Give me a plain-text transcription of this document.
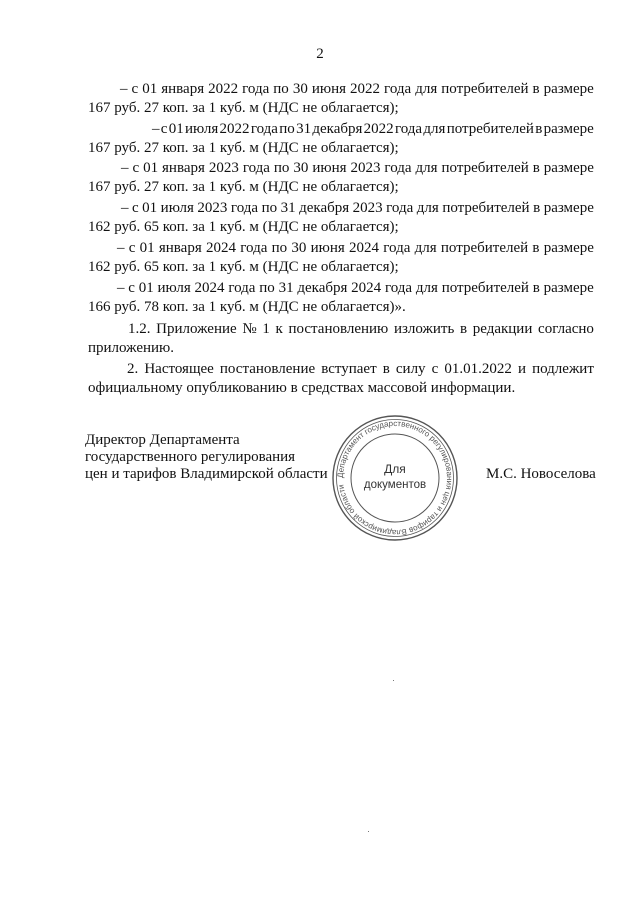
2
– с 01 января 2022 года по 30 июня 2022 года для потребителей в размере
167 руб. 27 коп. за 1 куб. м (НДС не облагается);
– с 01 июля 2022 года по 31 декабря 2022 года для потребителей в размере
167 руб. 27 коп. за 1 куб. м (НДС не облагается);
– с 01 января 2023 года по 30 июня 2023 года для потребителей в размере
167 руб. 27 коп. за 1 куб. м (НДС не облагается);
– с 01 июля 2023 года по 31 декабря 2023 года для потребителей в размере
162 руб. 65 коп. за 1 куб. м (НДС не облагается);
– с 01 января 2024 года по 30 июня 2024 года для потребителей в размере
162 руб. 65 коп. за 1 куб. м (НДС не облагается);
– с 01 июля 2024 года по 31 декабря 2024 года для потребителей в размере
166 руб. 78 коп. за 1 куб. м (НДС не облагается)».
1.2. Приложение № 1 к постановлению изложить в редакции согласно
приложению.
2. Настоящее постановление вступает в силу с 01.01.2022 и подлежит
официальному опубликованию в средствах массовой информации.
Директор Департамента
государственного регулирования
цен и тарифов Владимирской области Департамент государственного регулирования цен и тарифов Владимирской области
Для
документов
М.С. Новоселова
